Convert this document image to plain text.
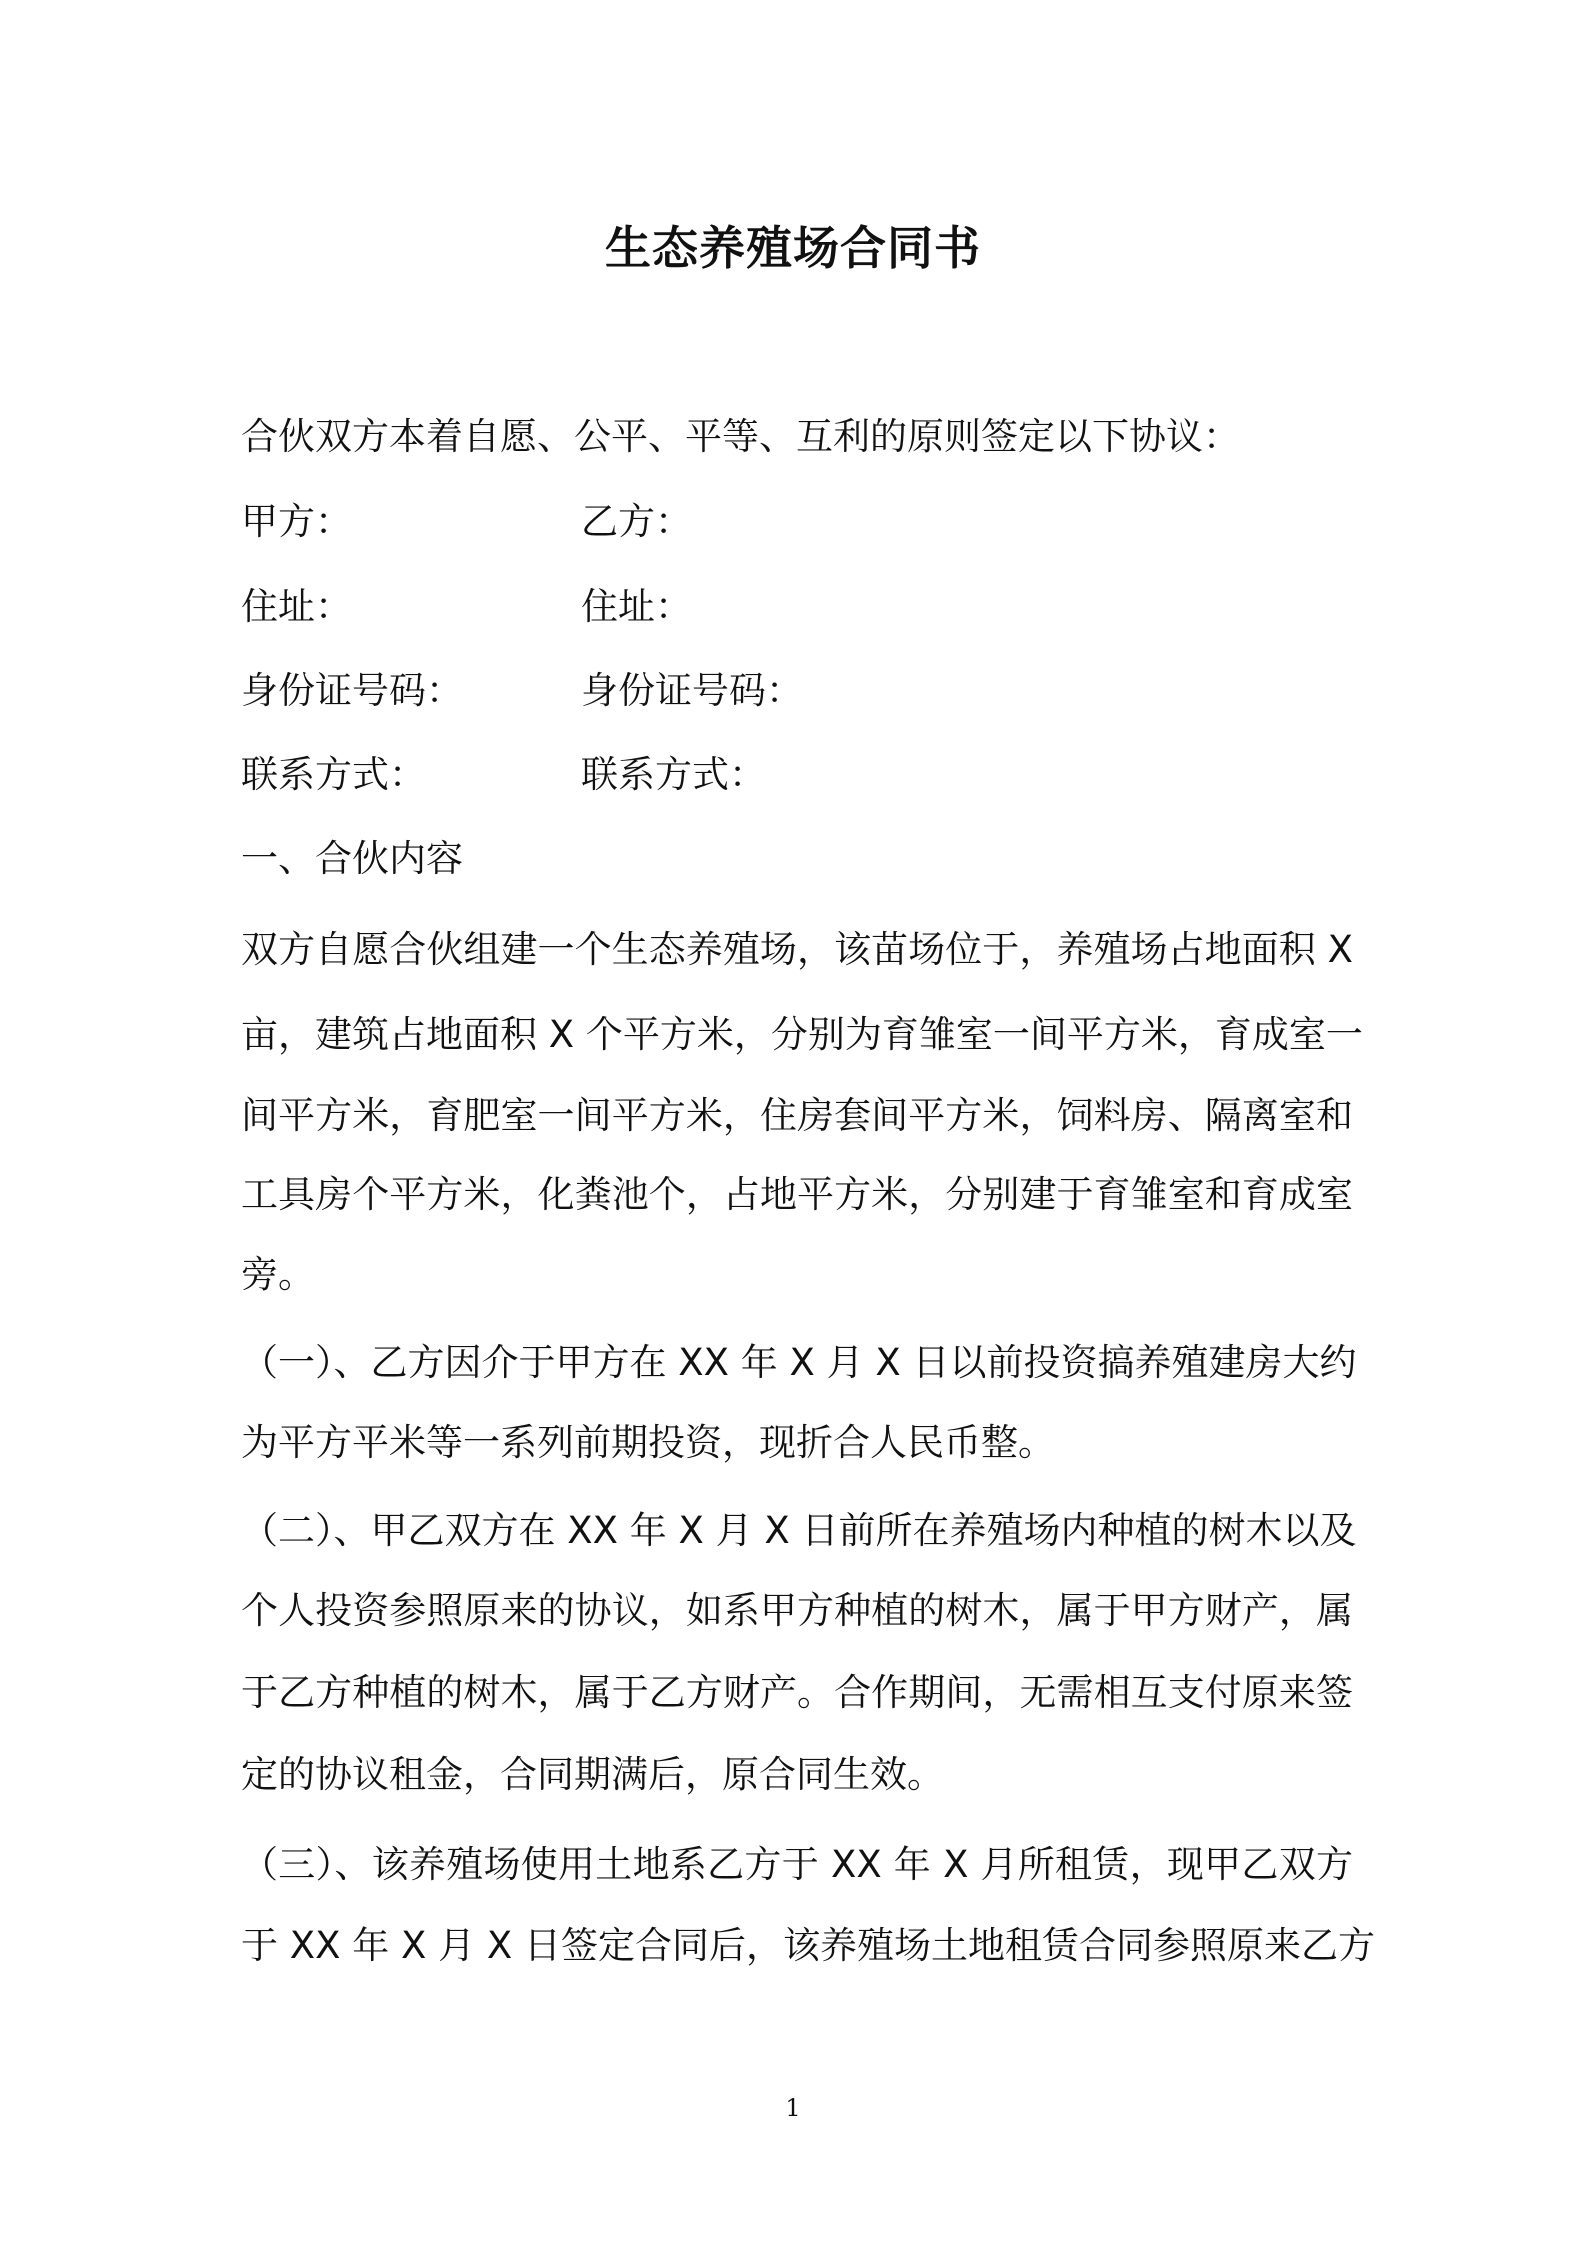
生态养殖场合同书
合伙双方本着自愿、公平、平等、互利的原则签定以下协议：
甲方：	乙方：
住址：	住址：
身份证号码：	身份证号码：
联系方式：	联系方式：
一、合伙内容
双方自愿合伙组建一个生态养殖场，该苗场位于，养殖场占地面积 X
亩，建筑占地面积 X 个平方米，分别为育雏室一间平方米，育成室一
间平方米，育肥室一间平方米，住房套间平方米，饲料房、隔离室和
工具房个平方米，化粪池个，占地平方米，分别建于育雏室和育成室
旁。
（一）、乙方因介于甲方在 XX 年 X 月 X 日以前投资搞养殖建房大约
为平方平米等一系列前期投资，现折合人民币整。
（二）、甲乙双方在 XX 年 X 月 X 日前所在养殖场内种植的树木以及
个人投资参照原来的协议，如系甲方种植的树木，属于甲方财产，属
于乙方种植的树木，属于乙方财产。合作期间，无需相互支付原来签
定的协议租金，合同期满后，原合同生效。
（三）、该养殖场使用土地系乙方于 XX 年 X 月所租赁，现甲乙双方
于 XX 年 X 月 X 日签定合同后，该养殖场土地租赁合同参照原来乙方
1
